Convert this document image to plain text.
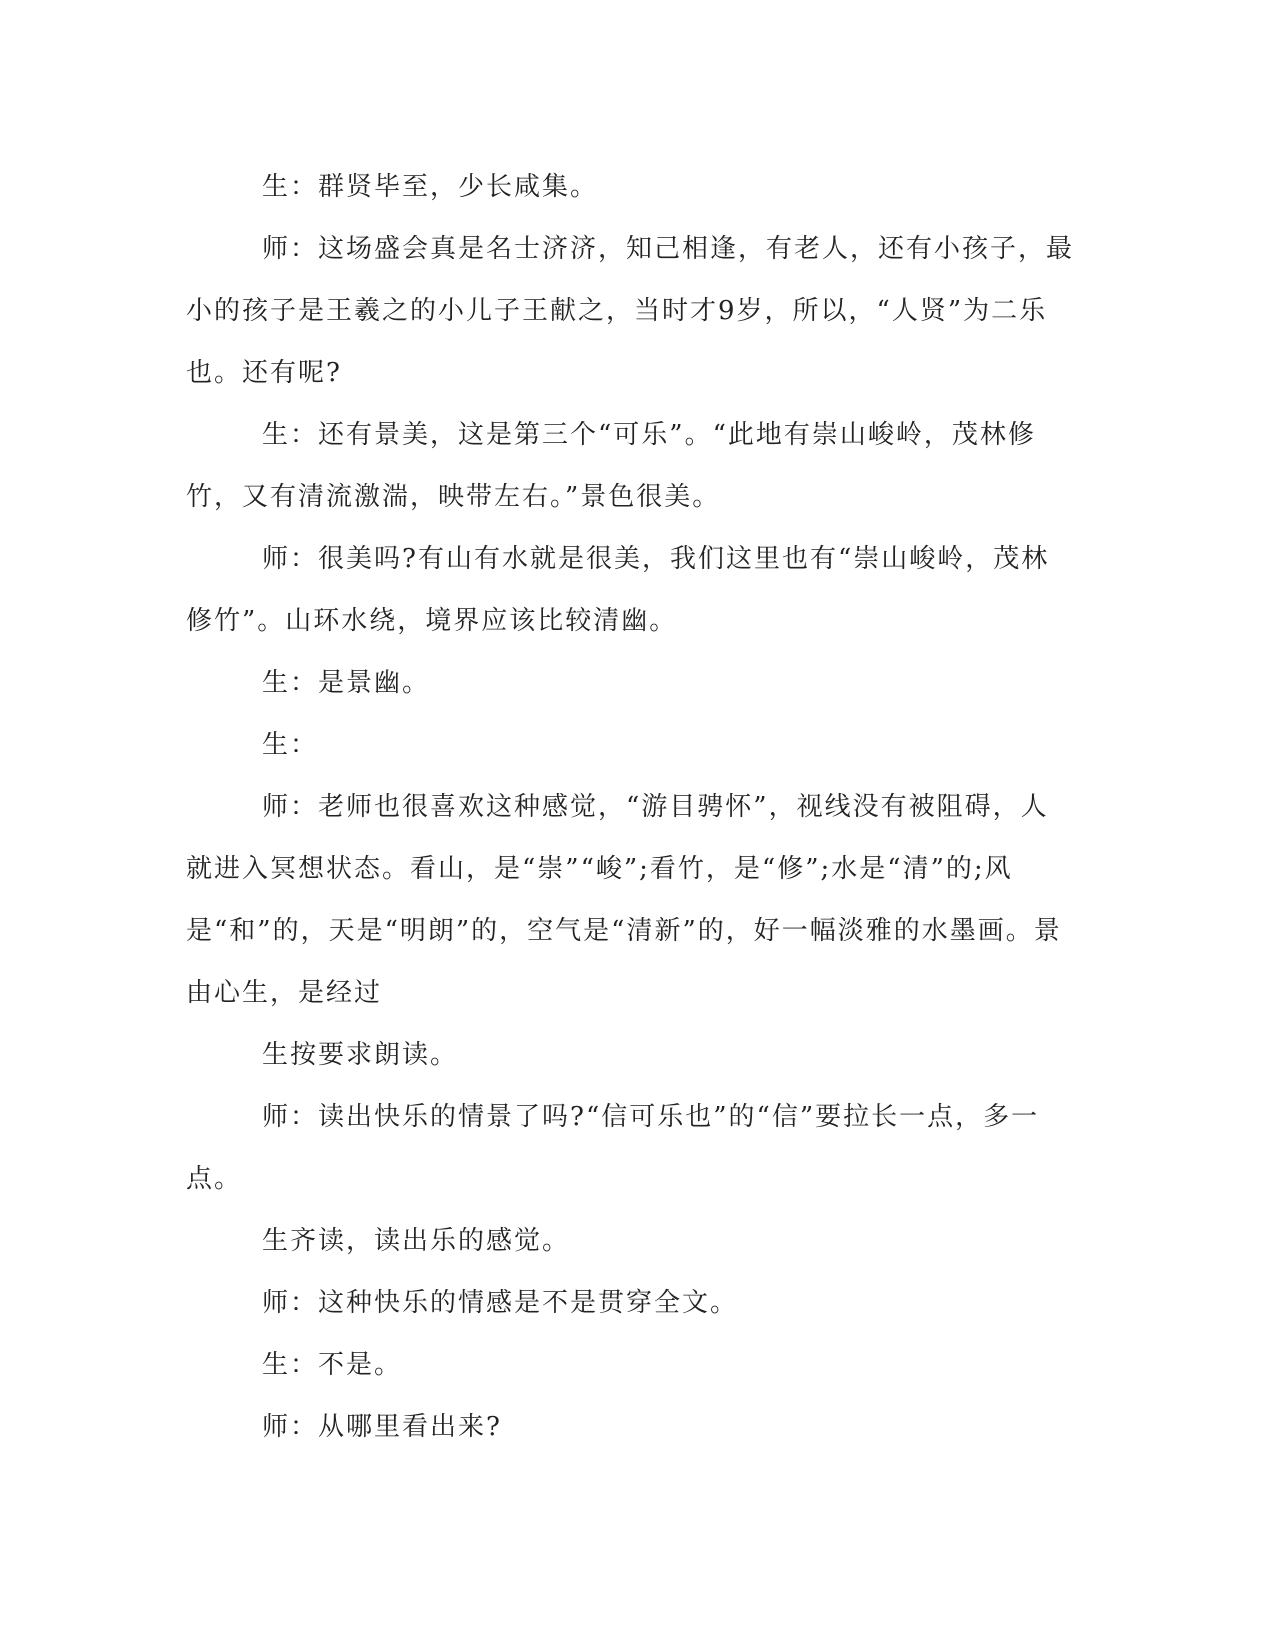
生：群贤毕至，少长咸集。

师：这场盛会真是名士济济，知己相逢，有老人，还有小孩子，最小的孩子是王羲之的小儿子王献之，当时才9岁，所以，“人贤”为二乐也。还有呢?

生：还有景美，这是第三个“可乐”。“此地有崇山峻岭，茂林修竹，又有清流激湍，映带左右。”景色很美。

师：很美吗?有山有水就是很美，我们这里也有“崇山峻岭，茂林修竹”。山环水绕，境界应该比较清幽。

生：是景幽。

生：

师：老师也很喜欢这种感觉，“游目骋怀”，视线没有被阻碍，人就进入冥想状态。看山，是“崇”“峻”;看竹，是“修”;水是“清”的;风是“和”的，天是“明朗”的，空气是“清新”的，好一幅淡雅的水墨画。景由心生，是经过

生按要求朗读。

师：读出快乐的情景了吗?“信可乐也”的“信”要拉长一点，多一点。

生齐读，读出乐的感觉。

师：这种快乐的情感是不是贯穿全文。

生：不是。

师：从哪里看出来?
